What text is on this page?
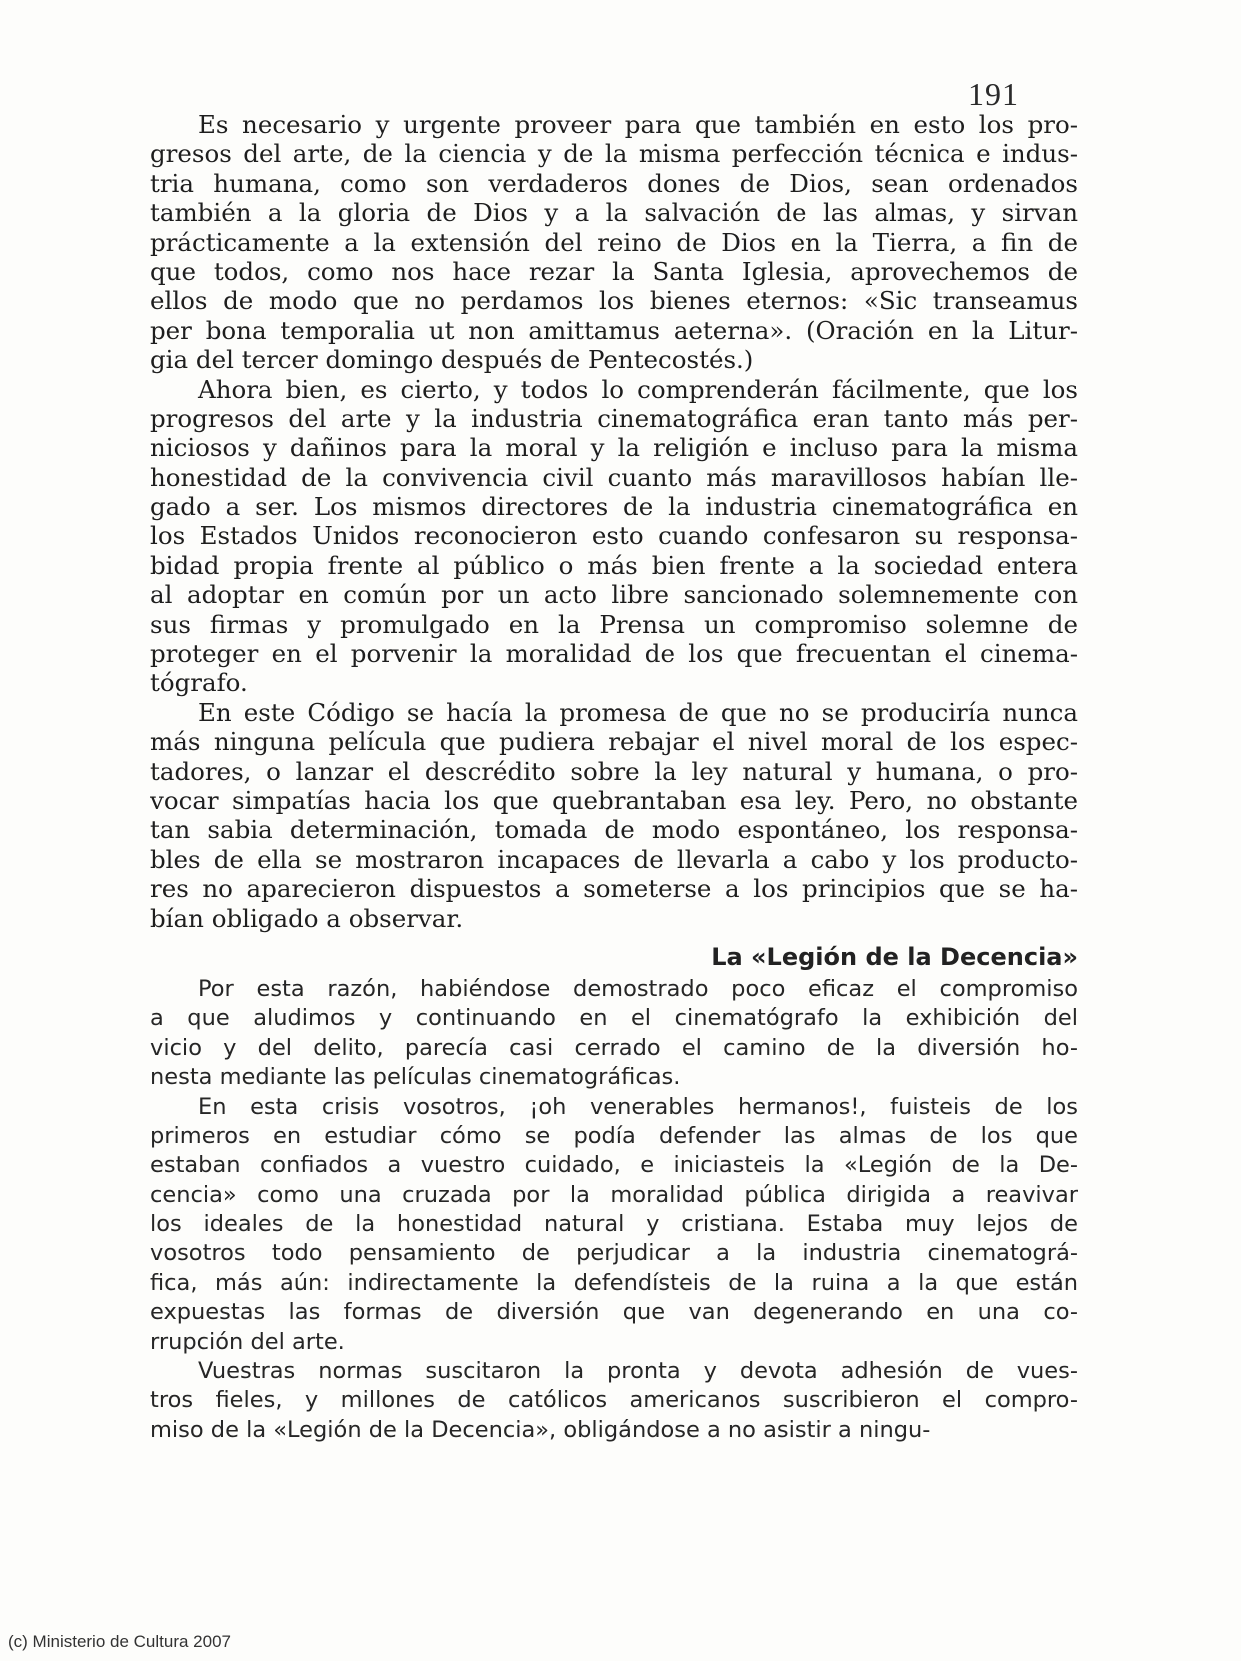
191
Es necesario y urgente proveer para que también en esto los pro-
gresos del arte, de la ciencia y de la misma perfección técnica e indus-
tria humana, como son verdaderos dones de Dios, sean ordenados
también a la gloria de Dios y a la salvación de las almas, y sirvan
prácticamente a la extensión del reino de Dios en la Tierra, a fin de
que todos, como nos hace rezar la Santa Iglesia, aprovechemos de
ellos de modo que no perdamos los bienes eternos: «Sic transeamus
per bona temporalia ut non amittamus aeterna». (Oración en la Litur-
gia del tercer domingo después de Pentecostés.)
Ahora bien, es cierto, y todos lo comprenderán fácilmente, que los
progresos del arte y la industria cinematográfica eran tanto más per-
niciosos y dañinos para la moral y la religión e incluso para la misma
honestidad de la convivencia civil cuanto más maravillosos habían lle-
gado a ser. Los mismos directores de la industria cinematográfica en
los Estados Unidos reconocieron esto cuando confesaron su responsa-
bidad propia frente al público o más bien frente a la sociedad entera
al adoptar en común por un acto libre sancionado solemnemente con
sus firmas y promulgado en la Prensa un compromiso solemne de
proteger en el porvenir la moralidad de los que frecuentan el cinema-
tógrafo.
En este Código se hacía la promesa de que no se produciría nunca
más ninguna película que pudiera rebajar el nivel moral de los espec-
tadores, o lanzar el descrédito sobre la ley natural y humana, o pro-
vocar simpatías hacia los que quebrantaban esa ley. Pero, no obstante
tan sabia determinación, tomada de modo espontáneo, los responsa-
bles de ella se mostraron incapaces de llevarla a cabo y los producto-
res no aparecieron dispuestos a someterse a los principios que se ha-
bían obligado a observar.
La «Legión de la Decencia»
Por esta razón, habiéndose demostrado poco eficaz el compromiso
a que aludimos y continuando en el cinematógrafo la exhibición del
vicio y del delito, parecía casi cerrado el camino de la diversión ho-
nesta mediante las películas cinematográficas.
En esta crisis vosotros, ¡oh venerables hermanos!, fuisteis de los
primeros en estudiar cómo se podía defender las almas de los que
estaban confiados a vuestro cuidado, e iniciasteis la «Legión de la De-
cencia» como una cruzada por la moralidad pública dirigida a reavivar
los ideales de la honestidad natural y cristiana. Estaba muy lejos de
vosotros todo pensamiento de perjudicar a la industria cinematográ-
fica, más aún: indirectamente la defendísteis de la ruina a la que están
expuestas las formas de diversión que van degenerando en una co-
rrupción del arte.
Vuestras normas suscitaron la pronta y devota adhesión de vues-
tros fieles, y millones de católicos americanos suscribieron el compro-
miso de la «Legión de la Decencia», obligándose a no asistir a ningu-
(c) Ministerio de Cultura 2007
